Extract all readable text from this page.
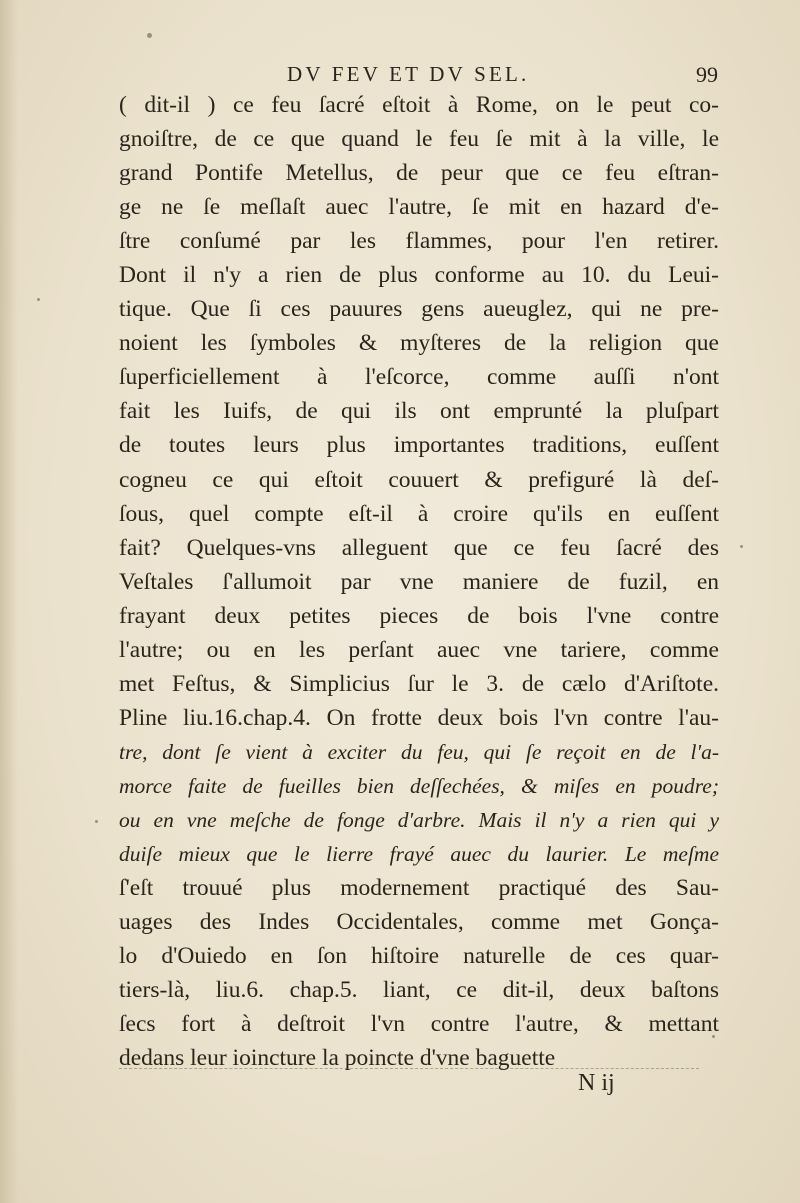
DV FEV ET DV SEL.	99
( dit-il ) ce feu ſacré eſtoit à Rome, on le peut co-
gnoiſtre, de ce que quand le feu ſe mit à la ville, le
grand Pontife Metellus, de peur que ce feu eſtran-
ge ne ſe meſlaſt auec l'autre, ſe mit en hazard d'e-
ſtre conſumé par les flammes, pour l'en retirer.
Dont il n'y a rien de plus conforme au 10. du Leui-
tique. Que ſi ces pauures gens aueuglez, qui ne pre-
noient les ſymboles & myſteres de la religion que
ſuperficiellement à l'eſcorce, comme auſſi n'ont
fait les Iuifs, de qui ils ont emprunté la pluſpart
de toutes leurs plus importantes traditions, euſſent
cogneu ce qui eſtoit couuert & prefiguré là deſ-
ſous, quel compte eſt-il à croire qu'ils en euſſent
fait? Quelques-vns alleguent que ce feu ſacré des
Veſtales ſ'allumoit par vne maniere de fuzil, en
frayant deux petites pieces de bois l'vne contre
l'autre; ou en les perſant auec vne tariere, comme
met Feſtus, & Simplicius ſur le 3. de cælo d'Ariſtote.
Pline liu.16.chap.4. On frotte deux bois l'vn contre l'au-
tre, dont ſe vient à exciter du feu, qui ſe reçoit en de l'a-
morce faite de fueilles bien deſſechées, & miſes en poudre;
ou en vne meſche de fonge d'arbre. Mais il n'y a rien qui y
duiſe mieux que le lierre frayé auec du laurier. Le meſme
ſ'eſt trouué plus modernement practiqué des Sau-
uages des Indes Occidentales, comme met Gonça-
lo d'Ouiedo en ſon hiſtoire naturelle de ces quar-
tiers-là, liu.6. chap.5. liant, ce dit-il, deux baſtons
ſecs fort à deſtroit l'vn contre l'autre, & mettant
dedans leur ioincture la poincte d'vne baguette
N ij
